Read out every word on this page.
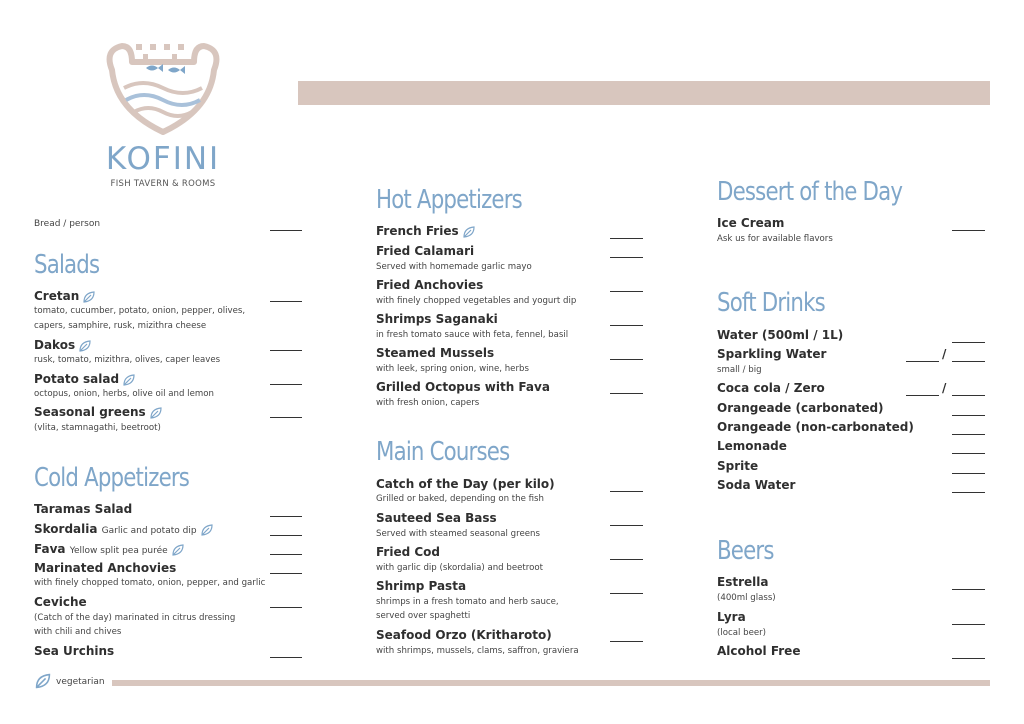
KOFINI
FISH TAVERN & ROOMS
Bread / person
Salads
Cretan
tomato, cucumber, potato, onion, pepper, olives,
capers, samphire, rusk, mizithra cheese
Dakos
rusk, tomato, mizithra, olives, caper leaves
Potato salad
octopus, onion, herbs, olive oil and lemon
Seasonal greens
(vlita, stamnagathi, beetroot)
Cold Appetizers
Taramas Salad
Skordalia Garlic and potato dip
Fava Yellow split pea purée
Marinated Anchovies
with finely chopped tomato, onion, pepper, and garlic
Ceviche
(Catch of the day) marinated in citrus dressing
with chili and chives
Sea Urchins
vegetarian
Hot Appetizers
French Fries
Fried Calamari
Served with homemade garlic mayo
Fried Anchovies
with finely chopped vegetables and yogurt dip
Shrimps Saganaki
in fresh tomato sauce with feta, fennel, basil
Steamed Mussels
with leek, spring onion, wine, herbs
Grilled Octopus with Fava
with fresh onion, capers
Main Courses
Catch of the Day (per kilo)
Grilled or baked, depending on the fish
Sauteed Sea Bass
Served with steamed seasonal greens
Fried Cod
with garlic dip (skordalia) and beetroot
Shrimp Pasta
shrimps in a fresh tomato and herb sauce,
served over spaghetti
Seafood Orzo (Kritharoto)
with shrimps, mussels, clams, saffron, graviera
Dessert of the Day
Ice Cream
Ask us for available flavors
Soft Drinks
Water (500ml / 1L)
Sparkling Water
small / big
/
Coca cola / Zero	/
Orangeade (carbonated)
Orangeade (non-carbonated)
Lemonade
Sprite
Soda Water
Beers
Estrella
(400ml glass)
Lyra
(local beer)
Alcohol Free
